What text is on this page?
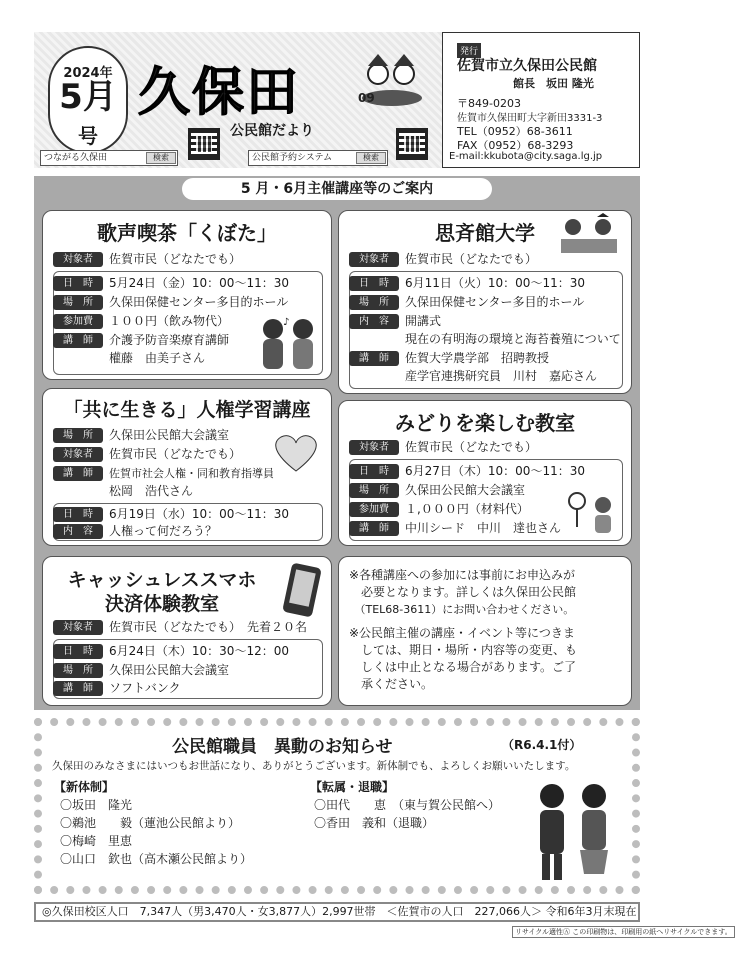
2024年
5月
号
久保田
公民館だより
09
つながる久保田	検索	公民館予約システム	検索
発行
佐賀市立久保田公民館
館長　坂田 隆光
〒849-0203
佐賀市久保田町大字新田3331-3
TEL（0952）68-3611
FAX（0952）68-3293
E-mail:kkubota@city.saga.lg.jp
5 月・6月主催講座等のご案内
歌声喫茶「くぼた」
対象者 佐賀市民（どなたでも）
日　時 5月24日（金）10：00～11：30
場　所 久保田保健センター多目的ホール
参加費 １００円（飲み物代）
講　師 介護予防音楽療育講師
權藤　由美子さん
♪
思斉館大学
対象者 佐賀市民（どなたでも）
日　時 6月11日（火）10：00～11：30
場　所 久保田保健センター多目的ホール
内　容 開講式
現在の有明海の環境と海苔養殖について
講　師 佐賀大学農学部　招聘教授
産学官連携研究員　川村　嘉応さん
「共に生きる」人権学習講座
場　所 久保田公民館大会議室
対象者 佐賀市民（どなたでも）
講　師 佐賀市社会人権・同和教育指導員
松岡　浩代さん
日　時 6月19日（水）10：00～11：30
内　容 人権って何だろう？
みどりを楽しむ教室
対象者 佐賀市民（どなたでも）
日　時 6月27日（木）10：00～11：30
場　所 久保田公民館大会議室
参加費 １,０００円（材料代）
講　師 中川シード　中川　達也さん
キャッシュレススマホ
決済体験教室
対象者 佐賀市民（どなたでも）　先着２０名
日　時 6月24日（木）10：30～12：00
場　所 久保田公民館大会議室
講　師 ソフトバンク
※各種講座への参加には事前にお申込みが
　必要となります。詳しくは久保田公民館
　（TEL68-3611）にお問い合わせください。
※公民館主催の講座・イベント等につきま
　しては、期日・場所・内容等の変更、も
　しくは中止となる場合があります。ご了
　承ください。
公民館職員　異動のお知らせ	（R6.4.1付）
久保田のみなさまにはいつもお世話になり、ありがとうございます。新体制でも、よろしくお願いいたします。
【新体制】
〇坂田　隆光
〇鵜池　　毅（蓮池公民館より）
〇梅崎　里恵
〇山口　欽也（高木瀬公民館より）
【転属・退職】
〇田代　　恵　（東与賀公民館へ）
〇香田　義和（退職）
◎久保田校区人口　7,347人（男3,470人・女3,877人）2,997世帯　＜佐賀市の人口　227,066人＞ 令和6年3月末現在
リサイクル適性Ⓐ この印刷物は、印刷用の紙へリサイクルできます。
